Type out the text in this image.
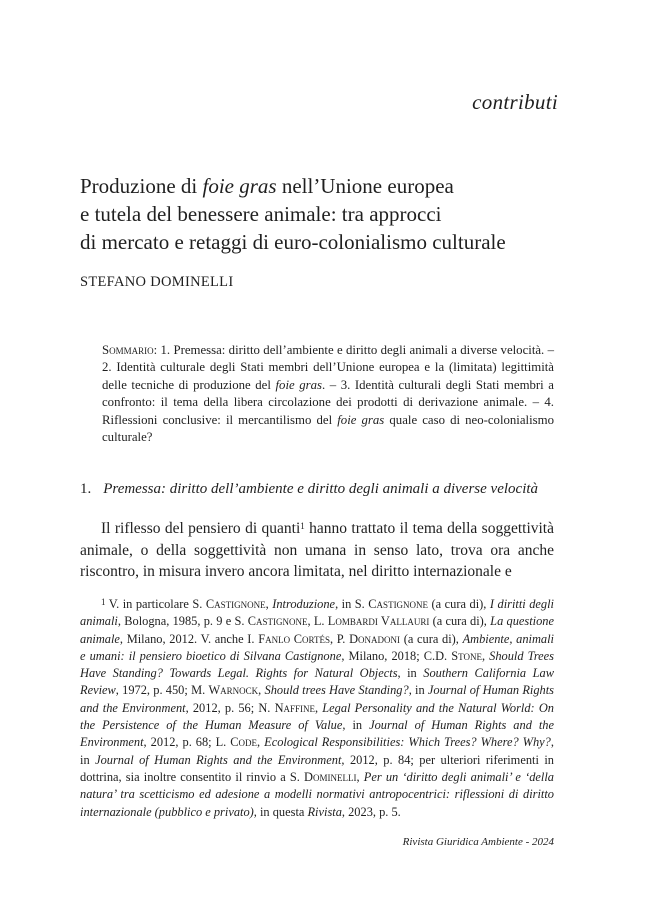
contributi
Produzione di foie gras nell’Unione europea
e tutela del benessere animale: tra approcci
di mercato e retaggi di euro-colonialismo culturale
STEFANO DOMINELLI
Sommario: 1. Premessa: diritto dell’ambiente e diritto degli animali a diverse velocità. – 2. Identità culturale degli Stati membri dell’Unione europea e la (limitata) legittimità delle tecniche di produzione del foie gras. – 3. Identità culturali degli Stati membri a confronto: il tema della libera circolazione dei prodotti di derivazione animale. – 4. Riflessioni conclusive: il mercantilismo del foie gras quale caso di neo-colonialismo culturale?
1. Premessa: diritto dell’ambiente e diritto degli animali a diverse velocità
Il riflesso del pensiero di quanti$^1$ hanno trattato il tema della soggettività animale, o della soggettività non umana in senso lato, trova ora anche riscontro, in misura invero ancora limitata, nel diritto internazionale e
$^1$ V. in particolare S. Castignone, Introduzione, in S. Castignone (a cura di), I diritti degli animali, Bologna, 1985, p. 9 e S. Castignone, L. Lombardi Vallauri (a cura di), La questione animale, Milano, 2012. V. anche I. Fanlo Cortés, P. Donadoni (a cura di), Ambiente, animali e umani: il pensiero bioetico di Silvana Castignone, Milano, 2018; C.D. Stone, Should Trees Have Standing? Towards Legal. Rights for Natural Objects, in Southern California Law Review, 1972, p. 450; M. Warnock, Should trees Have Standing?, in Journal of Human Rights and the Environment, 2012, p. 56; N. Naffine, Legal Personality and the Natural World: On the Persistence of the Human Measure of Value, in Journal of Human Rights and the Environment, 2012, p. 68; L. Code, Ecological Responsibilities: Which Trees? Where? Why?, in Journal of Human Rights and the Environment, 2012, p. 84; per ulteriori riferimenti in dottrina, sia inoltre consentito il rinvio a S. Dominelli, Per un ‘diritto degli animali’ e ‘della natura’ tra scetticismo ed adesione a modelli normativi antropocentrici: riflessioni di diritto internazionale (pubblico e privato), in questa Rivista, 2023, p. 5.
Rivista Giuridica Ambiente - 2024
